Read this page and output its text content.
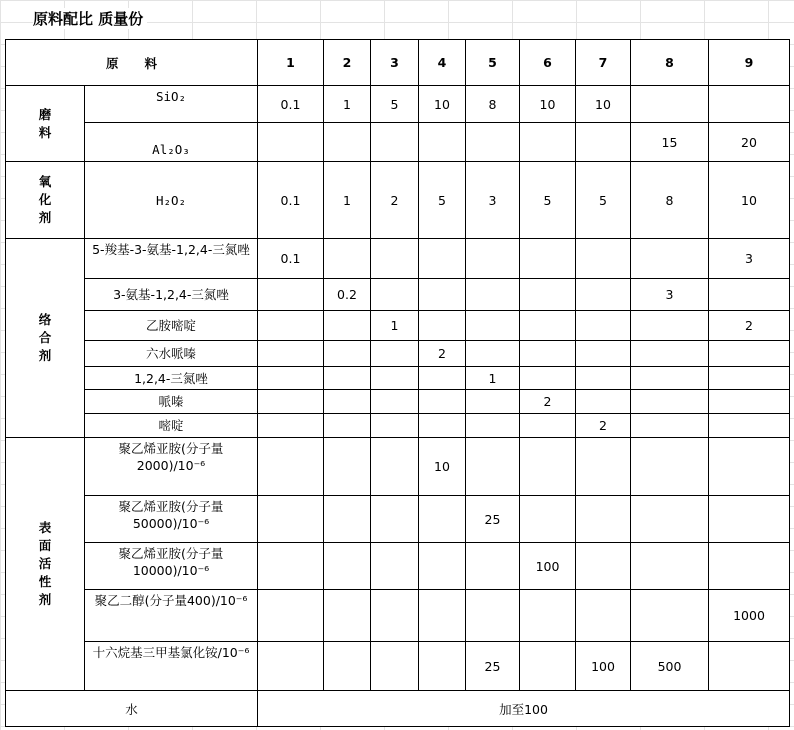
原料配比 质量份
原      料		1	2	3	4	5	6	7	8	9
磨料	SiO₂	0.1	1	5	10	8	10	10		
	Al₂O₃								15	20
氧化剂	H₂O₂	0.1	1	2	5	3	5	5	8	10
络合剂	5-羧基-3-氨基-1,2,4-三氮唑	0.1								3
	3-氨基-1,2,4-三氮唑		0.2						3	
	乙胺嘧啶			1						2
	六水哌嗪				2					
	1,2,4-三氮唑					1				
	哌嗪						2			
	嘧啶							2		
表面活性剂	聚乙烯亚胺(分子量2000)/10⁻⁶				10					
	聚乙烯亚胺(分子量50000)/10⁻⁶					25				
	聚乙烯亚胺(分子量10000)/10⁻⁶						100			
	聚乙二醇(分子量400)/10⁻⁶									1000
	十六烷基三甲基氯化铵/10⁻⁶					25		100	500	
水		加至100								
